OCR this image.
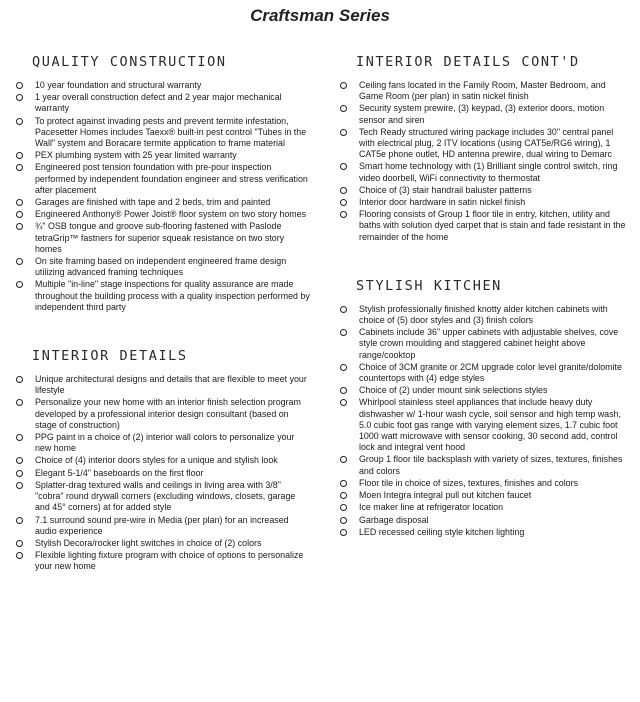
Craftsman Series
QUALITY CONSTRUCTION
10 year foundation and structural warranty
1 year overall construction defect and 2 year major mechanical warranty
To protect against invading pests and prevent termite infestation, Pacesetter Homes includes Taexx® built-in pest control "Tubes in the Wall" system and Boracare termite application to frame material
PEX plumbing system with 25 year limited warranty
Engineered post tension foundation with pre-pour inspection performed by independent foundation engineer and stress verification after placement
Garages are finished with tape and 2 beds, trim and painted
Engineered Anthony® Power Joist® floor system on two story homes
¾" OSB tongue and groove sub-flooring fastened with Paslode tetraGrip™ fastners for superior squeak resistance on two story homes
On site framing based on independent engineered frame design utilizing advanced framing techniques
Multiple "in-line" stage inspections for quality assurance are made throughout the building process with a quality inspection performed by independent third party
INTERIOR DETAILS
Unique architectural designs and details that are flexible to meet your lifestyle
Personalize your new home with an interior finish selection program developed by a professional interior design consultant (based on stage of construction)
PPG paint in a choice of (2) interior wall colors to personalize your new home
Choice of (4) interior doors styles for a unique and stylish look
Elegant 5-1/4" baseboards on the first floor
Splatter-drag textured walls and ceilings in living area with 3/8" "cobra" round drywall corners (excluding windows, closets, garage and 45° corners) at for added style
7.1 surround sound pre-wire in Media (per plan) for an increased audio experience
Stylish Decora/rocker light switches in choice of (2) colors
Flexible lighting fixture program with choice of options to personalize your new home
INTERIOR DETAILS CONT'D
Ceiling fans located in the Family Room, Master Bedroom, and Game Room (per plan) in satin nickel finish
Security system prewire, (3) keypad, (3) exterior doors, motion sensor and siren
Tech Ready structured wiring package includes 30" central panel with electrical plug, 2 ITV locations (using CAT5e/RG6 wiring), 1 CAT5e phone outlet, HD antenna prewire, dual wiring to Demarc
Smart home technology with (1) Brilliant single control switch, ring video doorbell, WiFi connectivity to thermostat
Choice of (3) stair handrail baluster patterns
Interior door hardware in satin nickel finish
Flooring consists of Group 1 floor tile in entry, kitchen, utility and baths with solution dyed carpet that is stain and fade resistant in the remainder of the home
STYLISH KITCHEN
Stylish professionally finished knotty alder kitchen cabinets with choice of (5) door styles and (3) finish colors
Cabinets include 36" upper cabinets with adjustable shelves, cove style crown moulding and staggered cabinet height above range/cooktop
Choice of 3CM granite or 2CM upgrade color level granite/dolomite countertops with (4) edge styles
Choice of (2) under mount sink selections styles
Whirlpool stainless steel appliances that include heavy duty dishwasher w/ 1-hour wash cycle, soil sensor and high temp wash, 5.0 cubic foot gas range with varying element sizes, 1.7 cubic foot 1000 watt microwave with sensor cooking, 30 second add, control lock and integral vent hood
Group 1 floor tile backsplash with variety of sizes, textures, finishes and colors
Floor tile in choice of sizes, textures, finishes and colors
Moen Integra integral pull out kitchen faucet
Ice maker line at refrigerator location
Garbage disposal
LED recessed ceiling style kitchen lighting
